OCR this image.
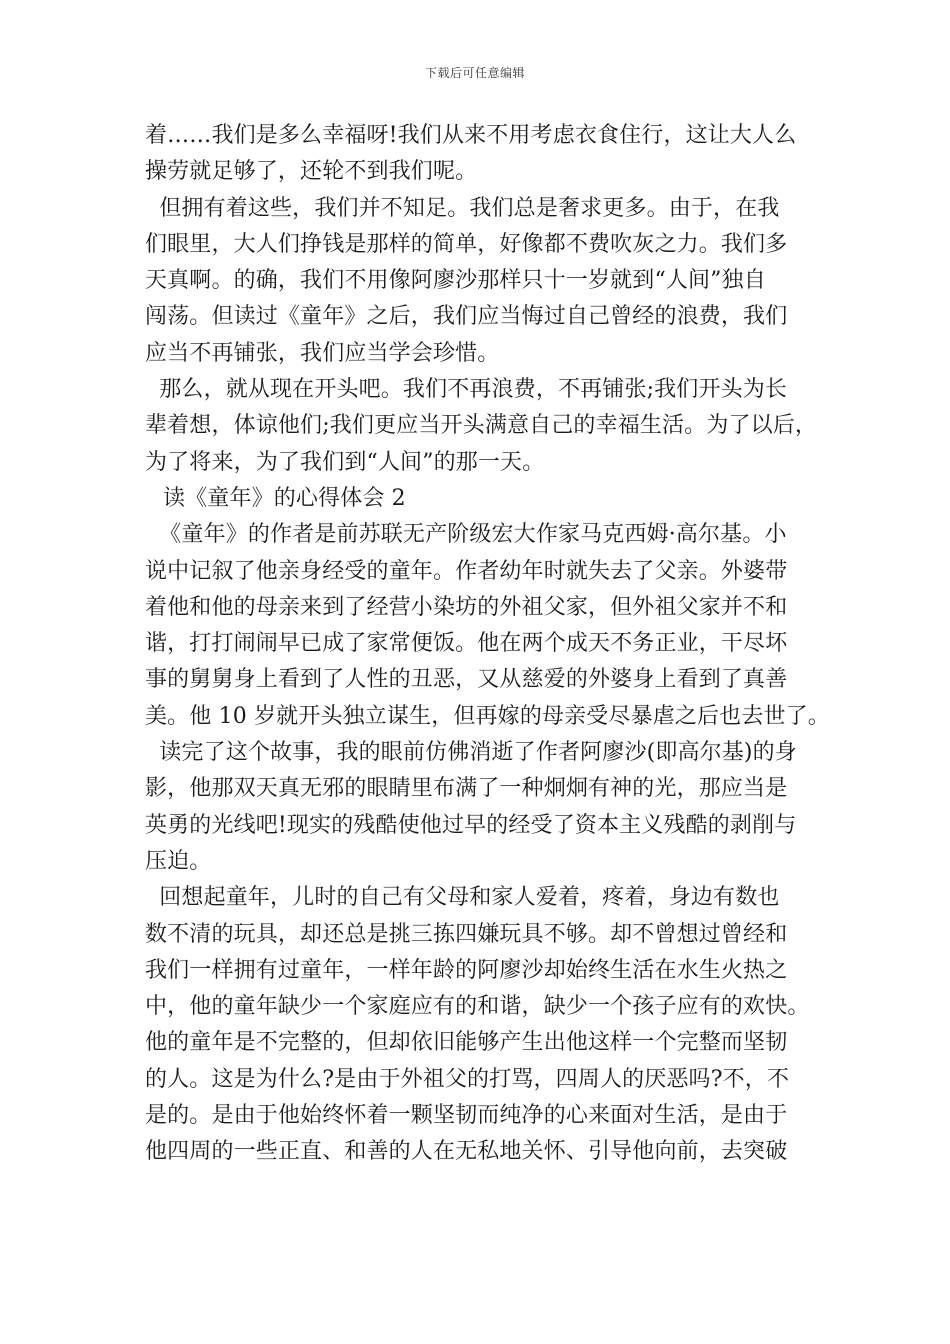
下载后可任意编辑
着……我们是多么幸福呀!我们从来不用考虑衣食住行，这让大人么
操劳就足够了，还轮不到我们呢。
但拥有着这些，我们并不知足。我们总是奢求更多。由于，在我
们眼里，大人们挣钱是那样的简单，好像都不费吹灰之力。我们多
天真啊。的确，我们不用像阿廖沙那样只十一岁就到“人间”独自
闯荡。但读过《童年》之后，我们应当悔过自己曾经的浪费，我们
应当不再铺张，我们应当学会珍惜。
那么，就从现在开头吧。我们不再浪费，不再铺张;我们开头为长
辈着想，体谅他们;我们更应当开头满意自己的幸福生活。为了以后，
为了将来，为了我们到“人间”的那一天。
读《童年》的心得体会 2
《童年》的作者是前苏联无产阶级宏大作家马克西姆·高尔基。小
说中记叙了他亲身经受的童年。作者幼年时就失去了父亲。外婆带
着他和他的母亲来到了经营小染坊的外祖父家，但外祖父家并不和
谐，打打闹闹早已成了家常便饭。他在两个成天不务正业，干尽坏
事的舅舅身上看到了人性的丑恶，又从慈爱的外婆身上看到了真善
美。他 10 岁就开头独立谋生，但再嫁的母亲受尽暴虐之后也去世了。
读完了这个故事，我的眼前仿佛消逝了作者阿廖沙(即高尔基)的身
影，他那双天真无邪的眼睛里布满了一种炯炯有神的光，那应当是
英勇的光线吧!现实的残酷使他过早的经受了资本主义残酷的剥削与
压迫。
回想起童年，儿时的自己有父母和家人爱着，疼着，身边有数也
数不清的玩具，却还总是挑三拣四嫌玩具不够。却不曾想过曾经和
我们一样拥有过童年，一样年龄的阿廖沙却始终生活在水生火热之
中，他的童年缺少一个家庭应有的和谐，缺少一个孩子应有的欢快。
他的童年是不完整的，但却依旧能够产生出他这样一个完整而坚韧
的人。这是为什么?是由于外祖父的打骂，四周人的厌恶吗?不，不
是的。是由于他始终怀着一颗坚韧而纯净的心来面对生活，是由于
他四周的一些正直、和善的人在无私地关怀、引导他向前，去突破
